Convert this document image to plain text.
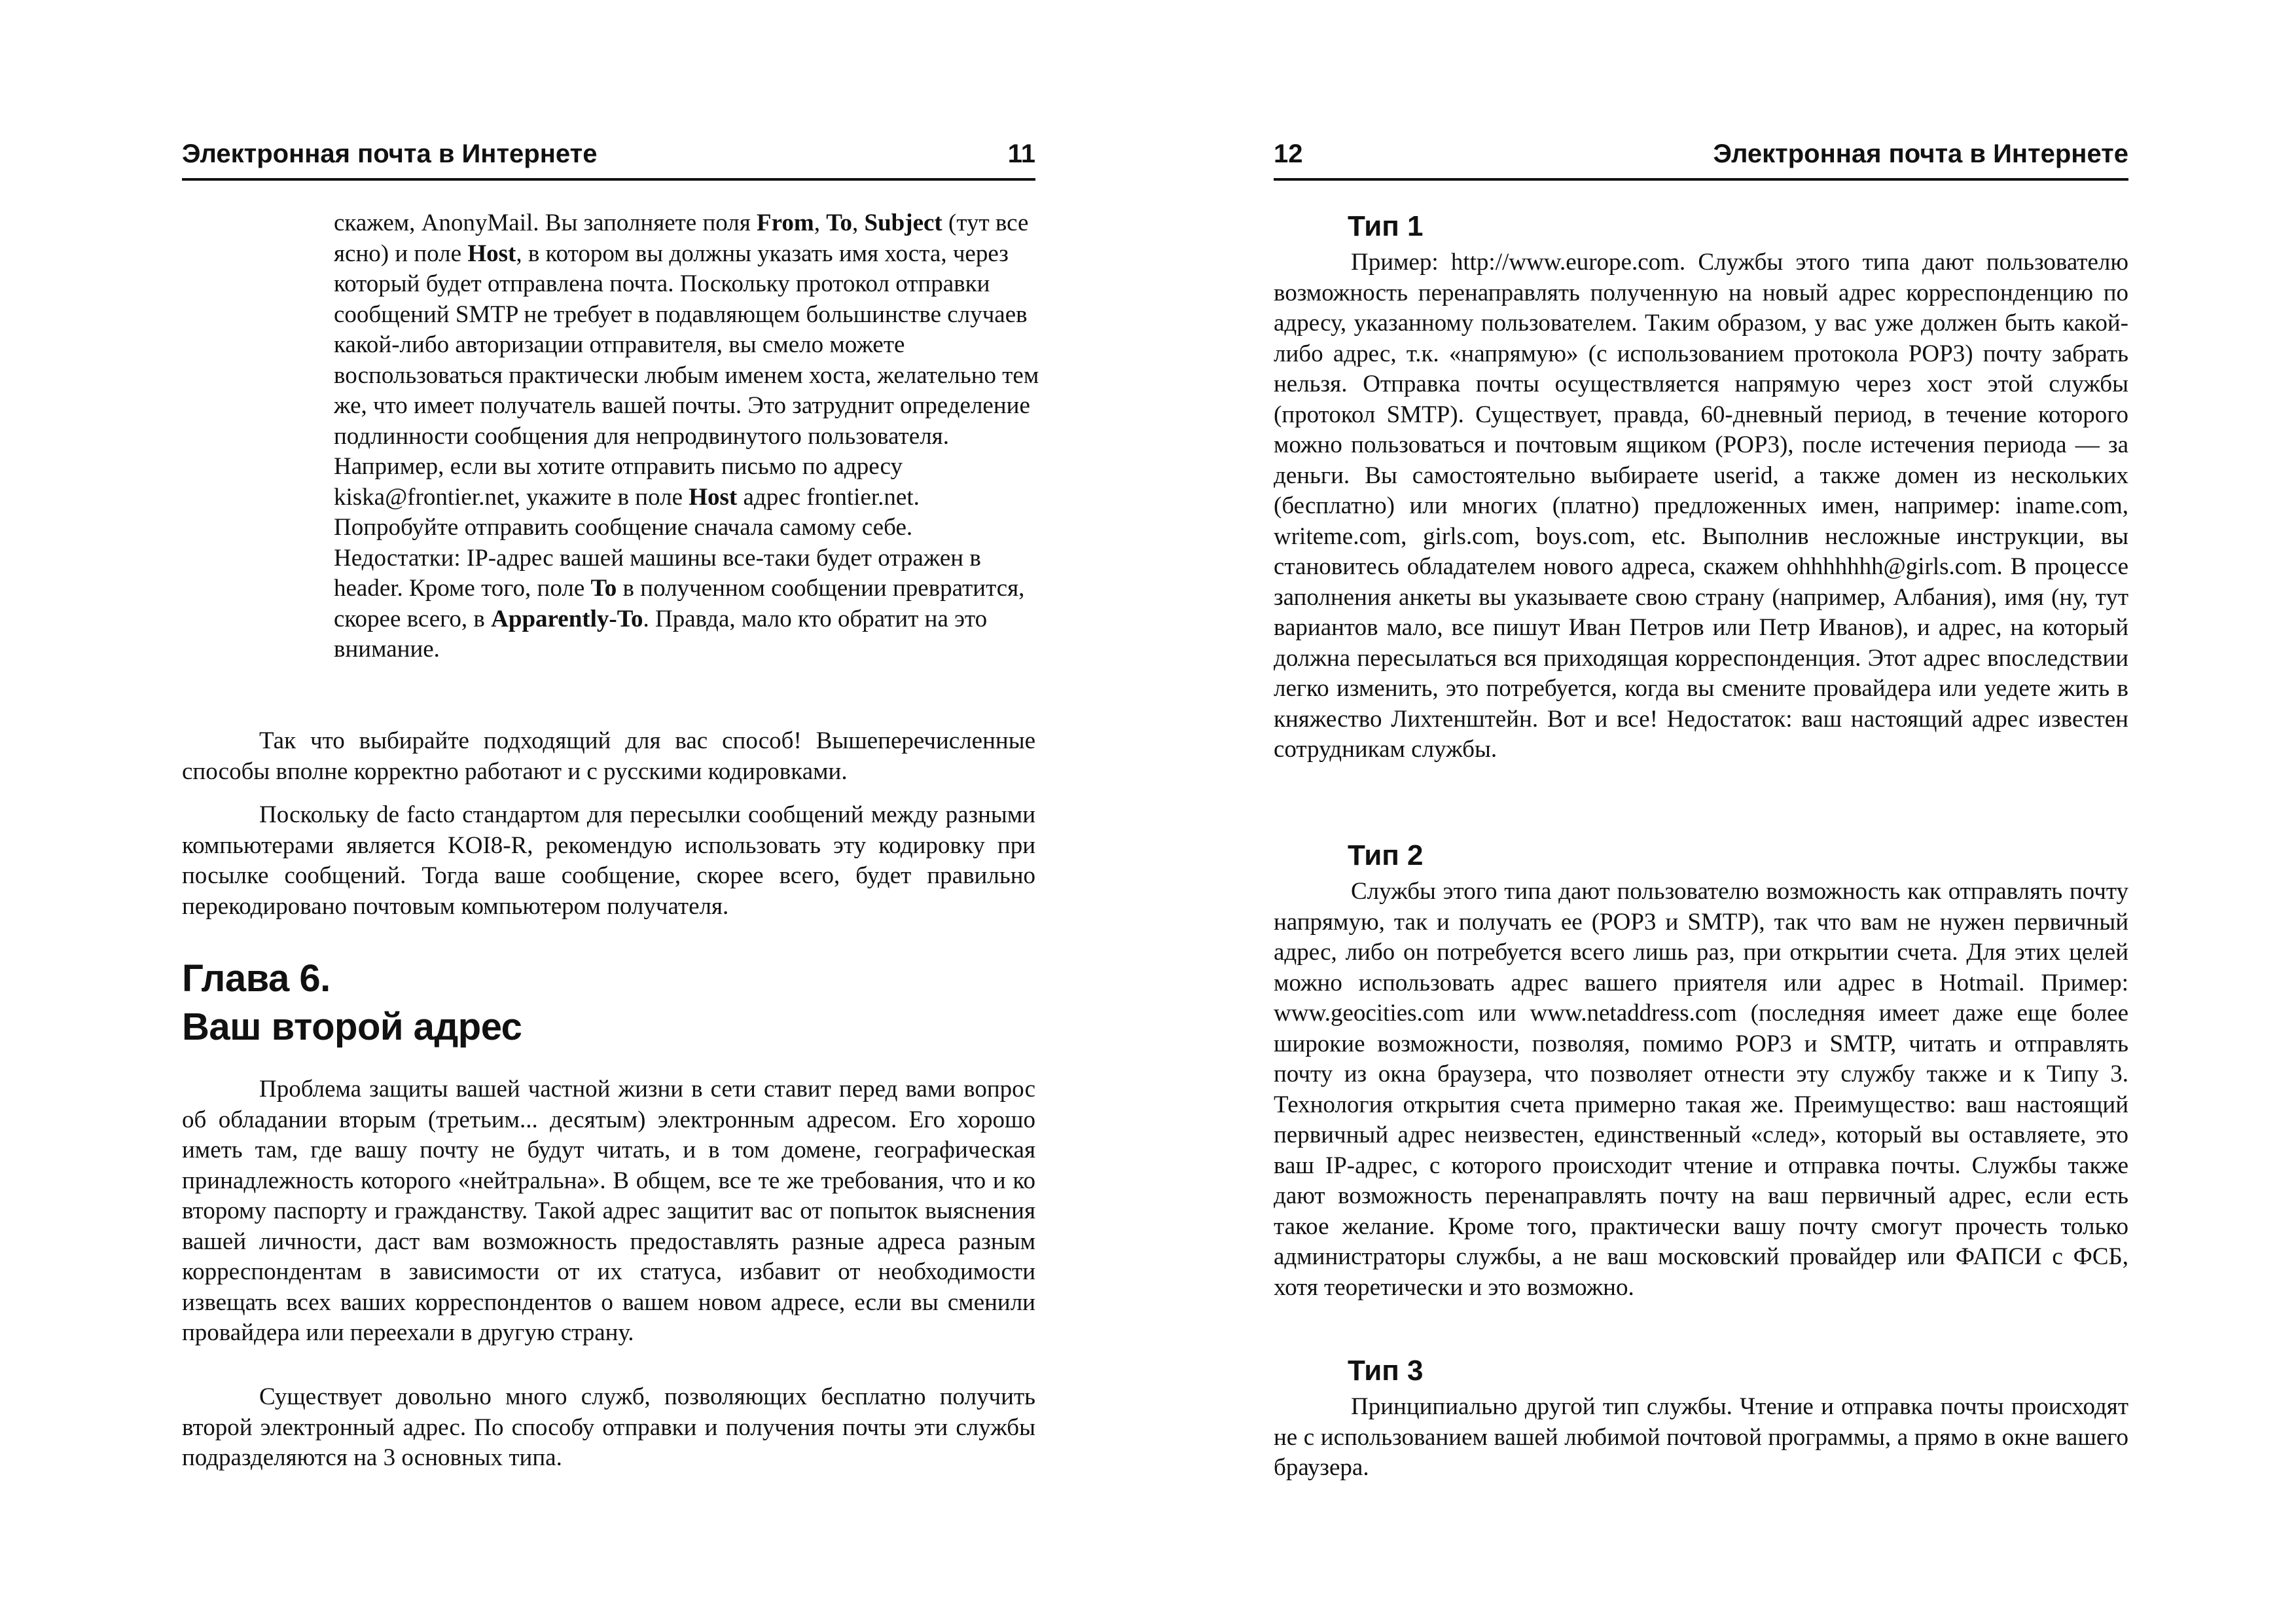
Электронная почта в Интернете	11

скажем, AnonyMail. Вы заполняете поля From, To, Subject (тут все ясно) и поле Host, в котором вы должны указать имя хоста, через который будет отправлена почта. Поскольку протокол отправки сообщений SMTP не требует в подавляющем большинстве случаев какой-либо авторизации отправителя, вы смело можете воспользоваться практически любым именем хоста, желательно тем же, что имеет получатель вашей почты. Это затруднит определение подлинности сообщения для непродвинутого пользователя. Например, если вы хотите отправить письмо по адресу kiska@frontier.net, укажите в поле Host адрес frontier.net. Попробуйте отправить сообщение сначала самому себе. Недостатки: IP-адрес вашей машины все-таки будет отражен в header. Кроме того, поле To в полученном сообщении превратится, скорее всего, в Apparently-To. Правда, мало кто обратит на это внимание.

Так что выбирайте подходящий для вас способ! Вышеперечисленные способы вполне корректно работают и с русскими кодировками.

Поскольку de facto стандартом для пересылки сообщений между разными компьютерами является KOI8-R, рекомендую использовать эту кодировку при посылке сообщений. Тогда ваше сообщение, скорее всего, будет правильно перекодировано почтовым компьютером получателя.

Глава 6.
Ваш второй адрес

Проблема защиты вашей частной жизни в сети ставит перед вами вопрос об обладании вторым (третьим... десятым) электронным адресом. Его хорошо иметь там, где вашу почту не будут читать, и в том домене, географическая принадлежность которого «нейтральна». В общем, все те же требования, что и ко второму паспорту и гражданству. Такой адрес защитит вас от попыток выяснения вашей личности, даст вам возможность предоставлять разные адреса разным корреспондентам в зависимости от их статуса, избавит от необходимости извещать всех ваших корреспондентов о вашем новом адресе, если вы сменили провайдера или переехали в другую страну.

Существует довольно много служб, позволяющих бесплатно получить второй электронный адрес. По способу отправки и получения почты эти службы подразделяются на 3 основных типа.

12	Электронная почта в Интернете
Тип 1

Пример: http://www.europe.com. Службы этого типа дают пользователю возможность перенаправлять полученную на новый адрес корреспонденцию по адресу, указанному пользователем. Таким образом, у вас уже должен быть какой-либо адрес, т.к. «напрямую» (с использованием протокола POP3) почту забрать нельзя. Отправка почты осуществляется напрямую через хост этой службы (протокол SMTP). Существует, правда, 60-дневный период, в течение которого можно пользоваться и почтовым ящиком (POP3), после истечения периода — за деньги. Вы самостоятельно выбираете userid, а также домен из нескольких (бесплатно) или многих (платно) предложенных имен, например: iname.com, writeme.com, girls.com, boys.com, etc. Выполнив несложные инструкции, вы становитесь обладателем нового адреса, скажем ohhhhhhh@girls.com. В процессе заполнения анкеты вы указываете свою страну (например, Албания), имя (ну, тут вариантов мало, все пишут Иван Петров или Петр Иванов), и адрес, на который должна пересылаться вся приходящая корреспонденция. Этот адрес впоследствии легко изменить, это потребуется, когда вы смените провайдера или уедете жить в княжество Лихтенштейн. Вот и все! Недостаток: ваш настоящий адрес известен сотрудникам службы.

Тип 2

Службы этого типа дают пользователю возможность как отправлять почту напрямую, так и получать ее (POP3 и SMTP), так что вам не нужен первичный адрес, либо он потребуется всего лишь раз, при открытии счета. Для этих целей можно использовать адрес вашего приятеля или адрес в Hotmail. Пример: www.geocities.com или www.netaddress.com (последняя имеет даже еще более широкие возможности, позволяя, помимо POP3 и SMTP, читать и отправлять почту из окна браузера, что позволяет отнести эту службу также и к Типу 3. Технология открытия счета примерно такая же. Преимущество: ваш настоящий первичный адрес неизвестен, единственный «след», который вы оставляете, это ваш IP-адрес, с которого происходит чтение и отправка почты. Службы также дают возможность перенаправлять почту на ваш первичный адрес, если есть такое желание. Кроме того, практически вашу почту смогут прочесть только администраторы службы, а не ваш московский провайдер или ФАПСИ с ФСБ, хотя теоретически и это возможно.

Тип 3

Принципиально другой тип службы. Чтение и отправка почты происходят не с использованием вашей любимой почтовой программы, а прямо в окне вашего браузера.
